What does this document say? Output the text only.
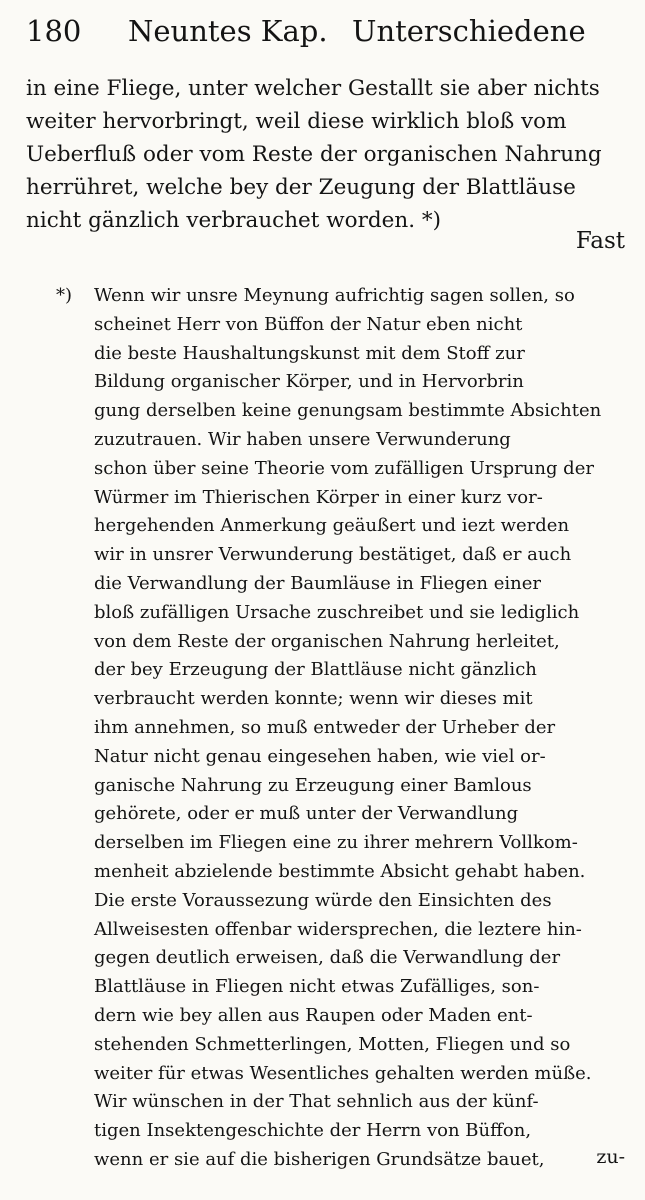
180 Neuntes Kap. Unterschiedene
in eine Fliege, unter welcher Gestallt sie aber nichts
weiter hervorbringt, weil diese wirklich bloß vom
Ueberfluß oder vom Reste der organischen Nahrung
herrühret, welche bey der Zeugung der Blattläuse
nicht gänzlich verbrauchet worden. *)
Fast
*)	Wenn wir unsre Meynung aufrichtig sagen sollen, so
scheinet Herr von Büffon der Natur eben nicht
die beste Haushaltungskunst mit dem Stoff zur
Bildung organischer Körper, und in Hervorbrin
gung derselben keine genungsam bestimmte Absichten
zuzutrauen. Wir haben unsere Verwunderung
schon über seine Theorie vom zufälligen Ursprung der
Würmer im Thierischen Körper in einer kurz vor-
hergehenden Anmerkung geäußert und iezt werden
wir in unsrer Verwunderung bestätiget, daß er auch
die Verwandlung der Baumläuse in Fliegen einer
bloß zufälligen Ursache zuschreibet und sie lediglich
von dem Reste der organischen Nahrung herleitet,
der bey Erzeugung der Blattläuse nicht gänzlich
verbraucht werden konnte; wenn wir dieses mit
ihm annehmen, so muß entweder der Urheber der
Natur nicht genau eingesehen haben, wie viel or-
ganische Nahrung zu Erzeugung einer Bamlous
gehörete, oder er muß unter der Verwandlung
derselben im Fliegen eine zu ihrer mehrern Vollkom-
menheit abzielende bestimmte Absicht gehabt haben.
Die erste Voraussezung würde den Einsichten des
Allweisesten offenbar widersprechen, die leztere hin-
gegen deutlich erweisen, daß die Verwandlung der
Blattläuse in Fliegen nicht etwas Zufälliges, son-
dern wie bey allen aus Raupen oder Maden ent-
stehenden Schmetterlingen, Motten, Fliegen und so
weiter für etwas Wesentliches gehalten werden müße.
Wir wünschen in der That sehnlich aus der künf-
tigen Insektengeschichte der Herrn von Büffon,
wenn er sie auf die bisherigen Grundsätze bauet,	zu-
